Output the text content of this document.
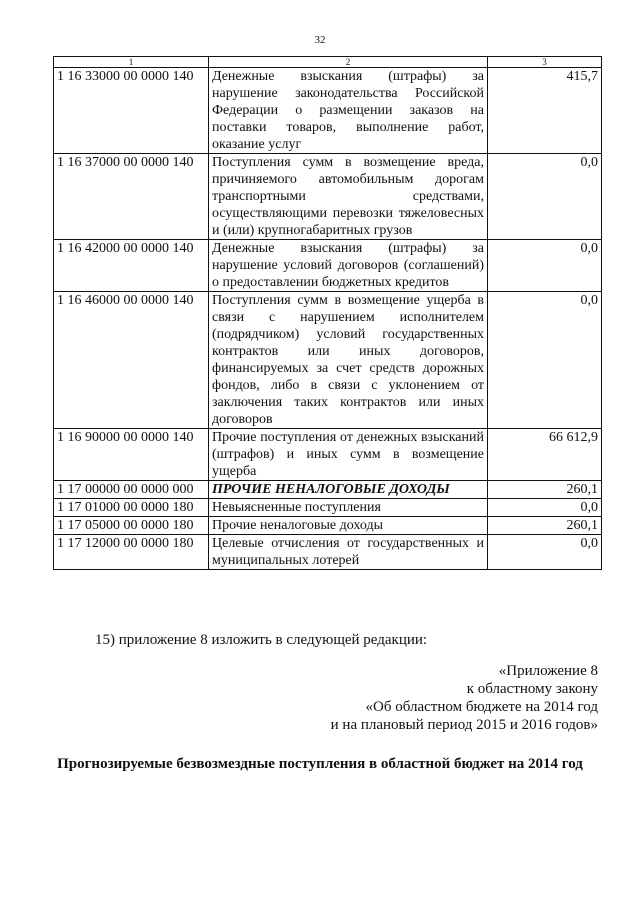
32
1	2	3
1 16 33000 00 0000 140	Денежные взыскания (штрафы) за нарушение законодательства Российской Федерации о размещении заказов на поставки товаров, выполнение работ, оказание услуг	415,7
1 16 37000 00 0000 140	Поступления сумм в возмещение вреда, причиняемого автомобильным дорогам транспортными средствами, осуществляющими перевозки тяжеловесных и (или) крупногабаритных грузов	0,0
1 16 42000 00 0000 140	Денежные взыскания (штрафы) за нарушение условий договоров (соглашений) о предоставлении бюджетных кредитов	0,0
1 16 46000 00 0000 140	Поступления сумм в возмещение ущерба в связи с нарушением исполнителем (подрядчиком) условий государственных контрактов или иных договоров, финансируемых за счет средств дорожных фондов, либо в связи с уклонением от заключения таких контрактов или иных договоров	0,0
1 16 90000 00 0000 140	Прочие поступления от денежных взысканий (штрафов) и иных сумм в возмещение ущерба	66 612,9
1 17 00000 00 0000 000	ПРОЧИЕ НЕНАЛОГОВЫЕ ДОХОДЫ	260,1
1 17 01000 00 0000 180	Невыясненные поступления	0,0
1 17 05000 00 0000 180	Прочие неналоговые доходы	260,1
1 17 12000 00 0000 180	Целевые отчисления от государственных и муниципальных лотерей	0,0

15) приложение 8 изложить в следующей редакции:

«Приложение 8

к областному закону

«Об областном бюджете на 2014 год

и на плановый период 2015 и 2016 годов»

Прогнозируемые безвозмездные поступления в областной бюджет на 2014 год
